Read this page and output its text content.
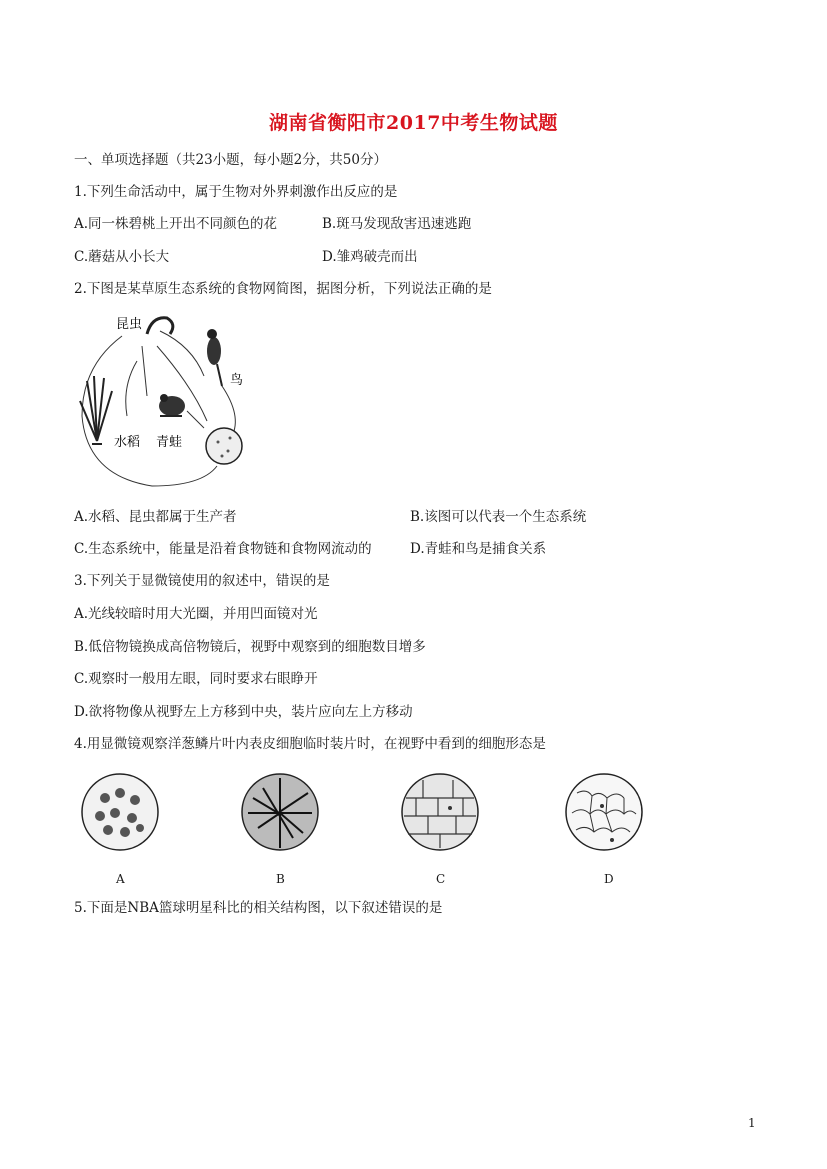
湖南省衡阳市2017中考生物试题
一、单项选择题（共23小题，每小题2分，共50分）
1.下列生命活动中，属于生物对外界刺激作出反应的是
A.同一株碧桃上开出不同颜色的花	B.斑马发现敌害迅速逃跑
C.蘑菇从小长大	D.雏鸡破壳而出
2.下图是某草原生态系统的食物网简图，据图分析，下列说法正确的是
昆虫
鸟
水稻 青蛙
A.水稻、昆虫都属于生产者	B.该图可以代表一个生态系统
C.生态系统中，能量是沿着食物链和食物网流动的	D.青蛙和鸟是捕食关系
3.下列关于显微镜使用的叙述中，错误的是
A.光线较暗时用大光圈，并用凹面镜对光
B.低倍物镜换成高倍物镜后，视野中观察到的细胞数目增多
C.观察时一般用左眼，同时要求右眼睁开
D.欲将物像从视野左上方移到中央，装片应向左上方移动
4.用显微镜观察洋葱鳞片叶内表皮细胞临时装片时，在视野中看到的细胞形态是
A	B	C	D
5.下面是NBA篮球明星科比的相关结构图，以下叙述错误的是
1
